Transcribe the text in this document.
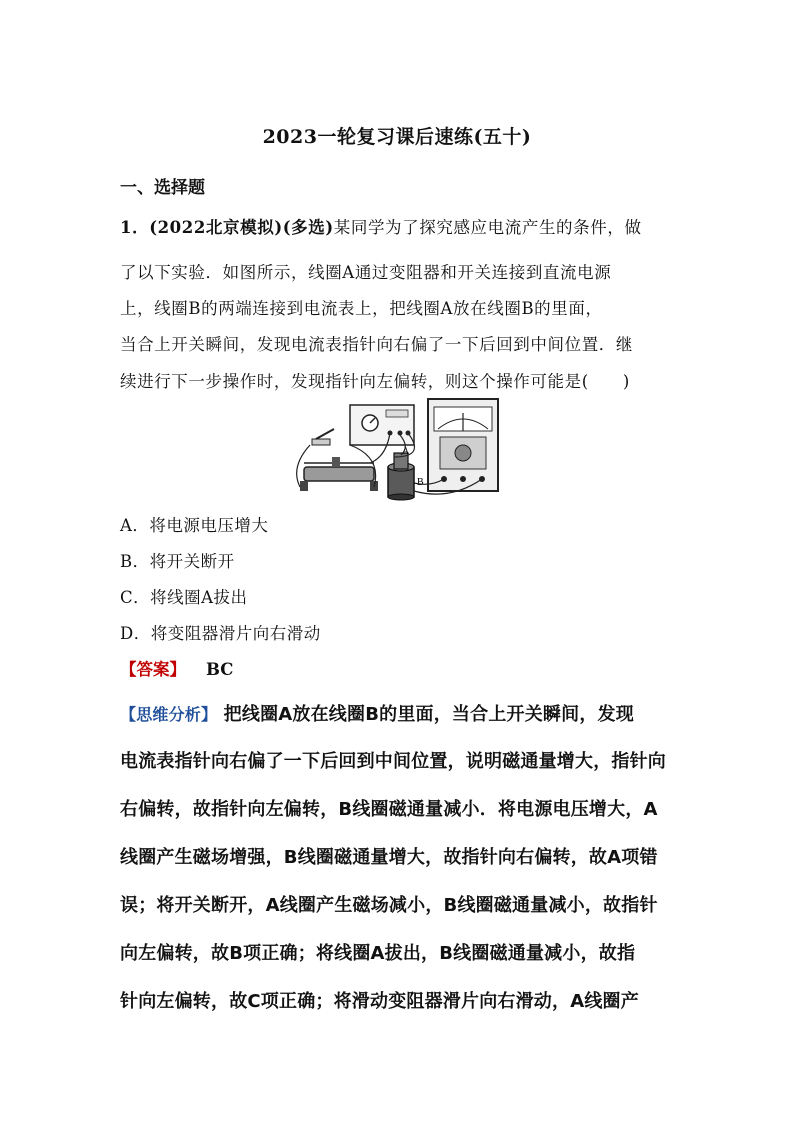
2023一轮复习课后速练(五十)
一、选择题
1．(2022北京模拟)(多选)某同学为了探究感应电流产生的条件，做
了以下实验．如图所示，线圈A通过变阻器和开关连接到直流电源
上，线圈B的两端连接到电流表上，把线圈A放在线圈B的里面，
当合上开关瞬间，发现电流表指针向右偏了一下后回到中间位置．继
续进行下一步操作时，发现指针向左偏转，则这个操作可能是(　　)
A
B
A．将电源电压增大
B．将开关断开
C．将线圈A拔出
D．将变阻器滑片向右滑动
【答案】 BC
【思维分析】 把线圈A放在线圈B的里面，当合上开关瞬间，发现
电流表指针向右偏了一下后回到中间位置，说明磁通量增大，指针向
右偏转，故指针向左偏转，B线圈磁通量减小．将电源电压增大，A
线圈产生磁场增强，B线圈磁通量增大，故指针向右偏转，故A项错
误；将开关断开，A线圈产生磁场减小，B线圈磁通量减小，故指针
向左偏转，故B项正确；将线圈A拔出，B线圈磁通量减小，故指
针向左偏转，故C项正确；将滑动变阻器滑片向右滑动，A线圈产
